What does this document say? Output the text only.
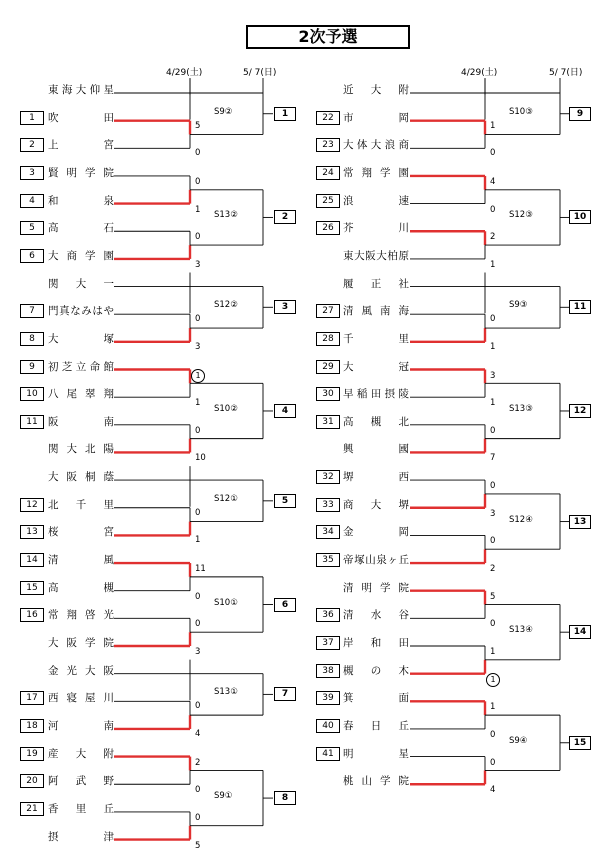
2次予選
4/29(土)	5/ 7(日)	4/29(土)	5/ 7(日)
東 海 大 仰 星
1	吹	田
2	上	宮
5
0
1
S9②
3	賢 明 学 院
4	和	泉
5	高	石
6	大 商 学 園
0
1
0
3
2
S13②
関 大 一
7	門 真 な み は や
8	大	塚
0
3
3
S12②
9	初 芝 立 命 館
10 八 尾 翠 翔
11 阪	南
関 大 北 陽
1
1
0
10
4
S10②
大 阪 桐 蔭
12 北 千 里
13 桜	宮
0
1
5
S12①
14 清	風
15 高	槻
16 常 翔 啓 光
大 阪 学 院
11
0
0
3
6
S10①
金 光 大 阪
17 西 寝 屋 川
18 河	南
0
4
7
S13①
19 産 大 附
20 阿 武 野
21 香 里 丘
摂	津
2
0
0
5
8
S9①
近 大 附
22 市	岡
23 大 体 大 浪 商
1
0
9
S10③
24 常 翔 学 園
25 浪	速
26 芥	川
東 大 阪 大 柏 原
4
0
2
1
10
S12③
履 正 社
27 清 風 南 海
28 千	里
0
1
11
S9③
29 大	冠
30 早 稲 田 摂 陵
31 高 槻 北
興	國
3
1
0
7
12
S13③
32 堺	西
33 商 大 堺
34 金	岡
35 帝 塚 山 泉 ヶ 丘
0
3
0
2
13
S12④
清 明 学 院
36 清 水 谷
37 岸 和 田
38 槻 の 木
5
0
1
1
14
S13④
39 箕	面
40 春 日 丘
41 明	星
桃 山 学 院
1
0
0
4
15
S9④
